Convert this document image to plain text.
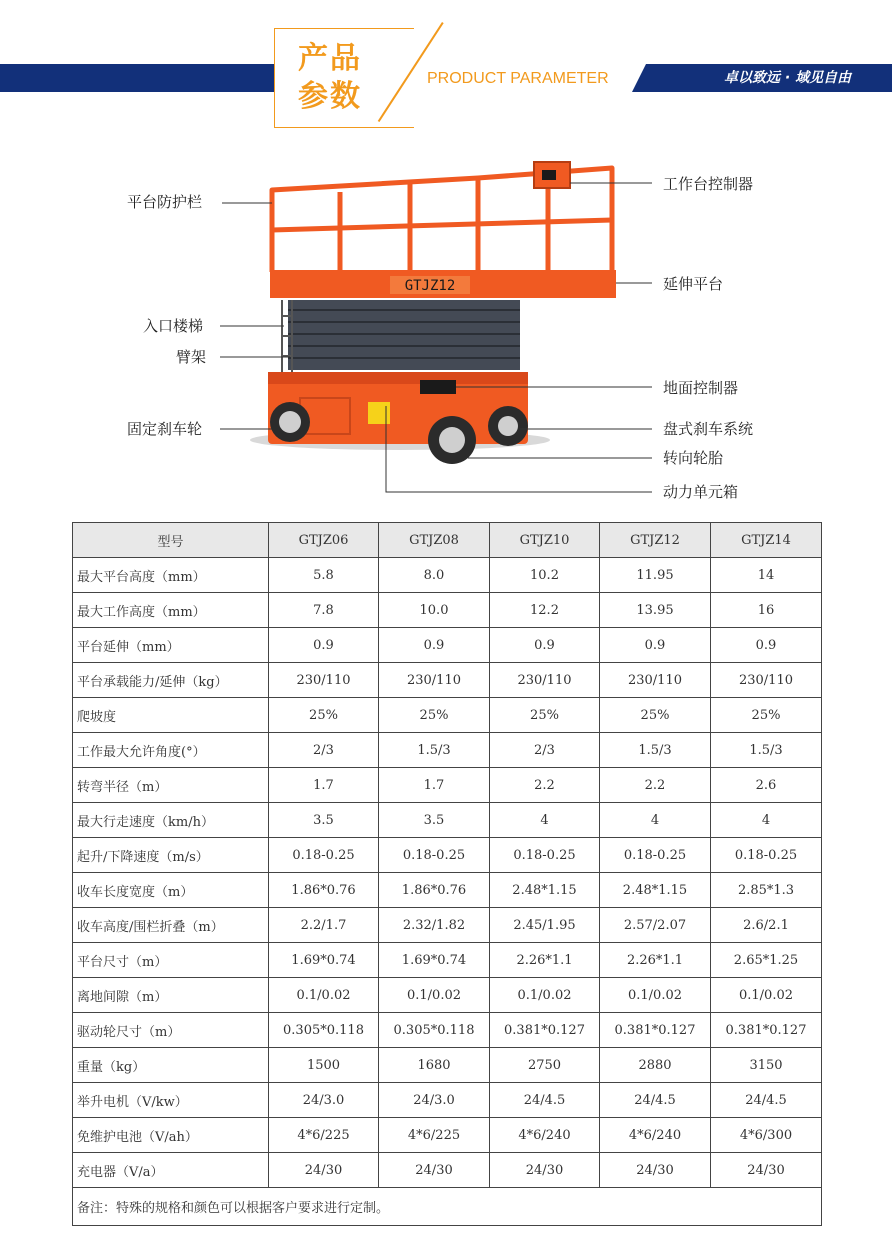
卓以致远 · 域见自由
产品
参数
PRODUCT PARAMETER
GTJZ12
平台防护栏
入口楼梯
臂架
固定刹车轮
工作台控制器
延伸平台
地面控制器
盘式刹车系统
转向轮胎
动力单元箱
型号	GTJZ06	GTJZ08	GTJZ10	GTJZ12	GTJZ14
最大平台高度（mm）	5.8	8.0	10.2	11.95	14
最大工作高度（mm）	7.8	10.0	12.2	13.95	16
平台延伸（mm）	0.9	0.9	0.9	0.9	0.9
平台承载能力/延伸（kg）	230/110	230/110	230/110	230/110	230/110
爬坡度	25%	25%	25%	25%	25%
工作最大允许角度(°）	2/3	1.5/3	2/3	1.5/3	1.5/3
转弯半径（m）	1.7	1.7	2.2	2.2	2.6
最大行走速度（km/h）	3.5	3.5	4	4	4
起升/下降速度（m/s）	0.18-0.25	0.18-0.25	0.18-0.25	0.18-0.25	0.18-0.25
收车长度宽度（m）	1.86*0.76	1.86*0.76	2.48*1.15	2.48*1.15	2.85*1.3
收车高度/围栏折叠（m）	2.2/1.7	2.32/1.82	2.45/1.95	2.57/2.07	2.6/2.1
平台尺寸（m）	1.69*0.74	1.69*0.74	2.26*1.1	2.26*1.1	2.65*1.25
离地间隙（m）	0.1/0.02	0.1/0.02	0.1/0.02	0.1/0.02	0.1/0.02
驱动轮尺寸（m）	0.305*0.118	0.305*0.118	0.381*0.127	0.381*0.127	0.381*0.127
重量（kg）	1500	1680	2750	2880	3150
举升电机（V/kw）	24/3.0	24/3.0	24/4.5	24/4.5	24/4.5
免维护电池（V/ah）	4*6/225	4*6/225	4*6/240	4*6/240	4*6/300
充电器（V/a）	24/30	24/30	24/30	24/30	24/30
备注：特殊的规格和颜色可以根据客户要求进行定制。					
